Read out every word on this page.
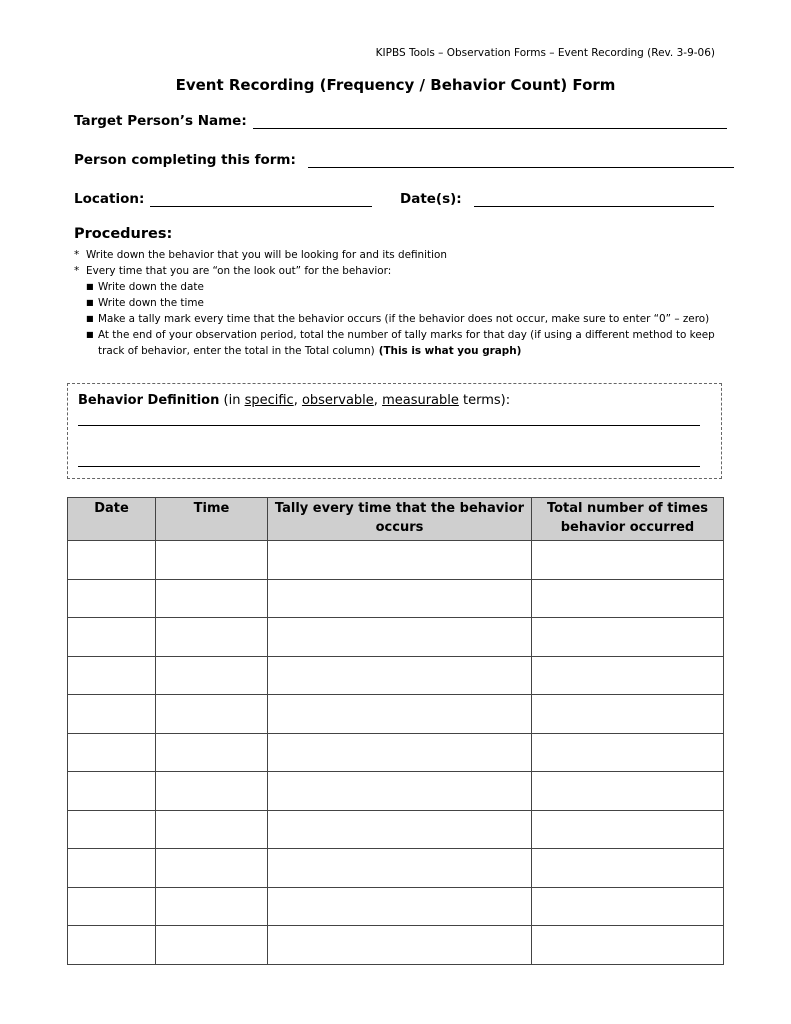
KIPBS Tools – Observation Forms – Event Recording (Rev. 3-9-06)
Event Recording (Frequency / Behavior Count) Form
Target Person’s Name:
Person completing this form:
Location:	Date(s):
Procedures:
* Write down the behavior that you will be looking for and its definition
* Every time that you are “on the look out” for the behavior:
■ Write down the date
■ Write down the time
■ Make a tally mark every time that the behavior occurs (if the behavior does not occur, make sure to enter “0” – zero)
■ At the end of your observation period, total the number of tally marks for that day (if using a different method to keep track of behavior, enter the total in the Total column) (This is what you graph)
Behavior Definition (in specific, observable, measurable terms):
Date	Time	Tally every time that the behavior occurs	Total number of times behavior occurred
